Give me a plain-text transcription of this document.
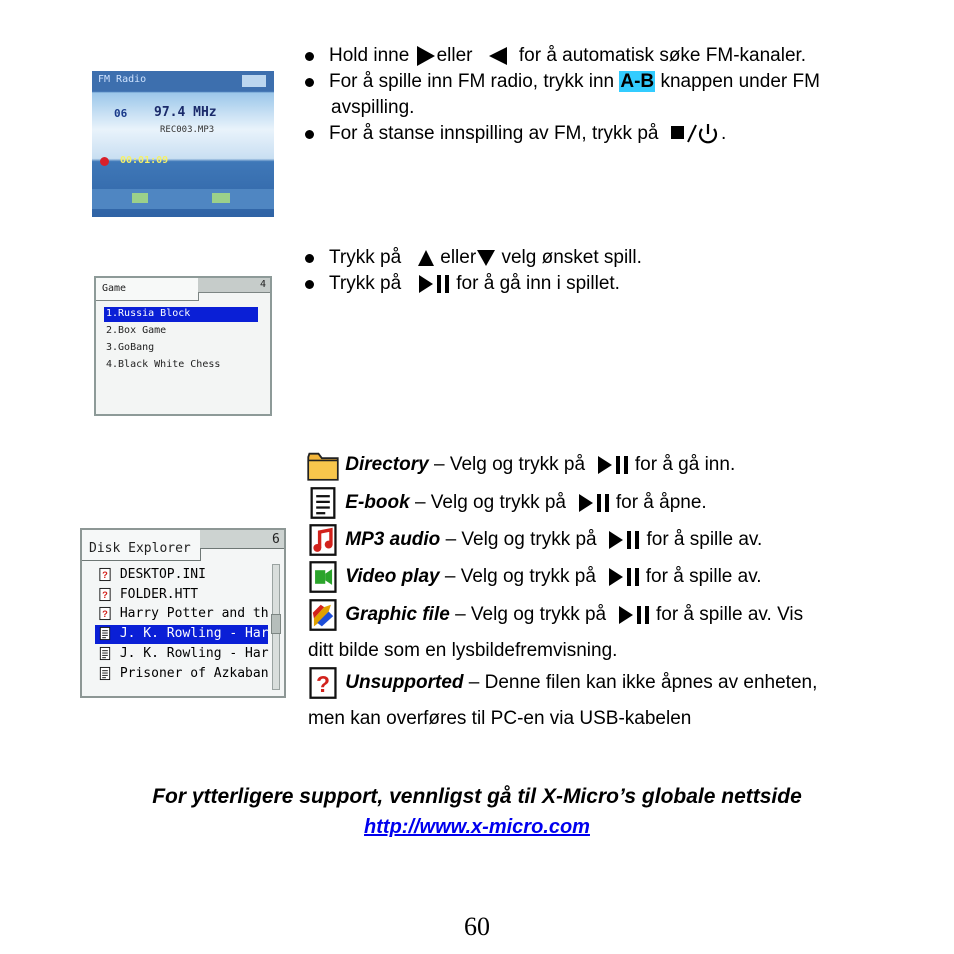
FM Radio
06 97.4 MHz
REC003.MP3
00:01:09
Hold inne eller for å automatisk søke FM-kanaler.
For å spille inn FM radio, trykk inn A-B knappen under FM
avspilling.
For å stanse innspilling av FM, trykk på	.
Game	4
1.Russia Block
2.Box Game
3.GoBang
4.Black White Chess
Trykk på eller velg ønsket spill.
Trykk på	for å gå inn i spillet.
Disk Explorer
6
? DESKTOP.INI
? FOLDER.HTT
? Harry Potter and th
J. K. Rowling - Har
J. K. Rowling - Har
Prisoner of Azkaban
Directory – Velg og trykk på	for å gå inn.
E-book – Velg og trykk på	for å åpne.
MP3 audio – Velg og trykk på	for å spille av.
Video play – Velg og trykk på	for å spille av.
Graphic file – Velg og trykk på	for å spille av. Vis
ditt bilde som en lysbildefremvisning.
? Unsupported – Denne filen kan ikke åpnes av enheten,
men kan overføres til PC-en via USB-kabelen
For ytterligere support, vennligst gå til X-Micro’s globale nettside
http://www.x-micro.com
60
